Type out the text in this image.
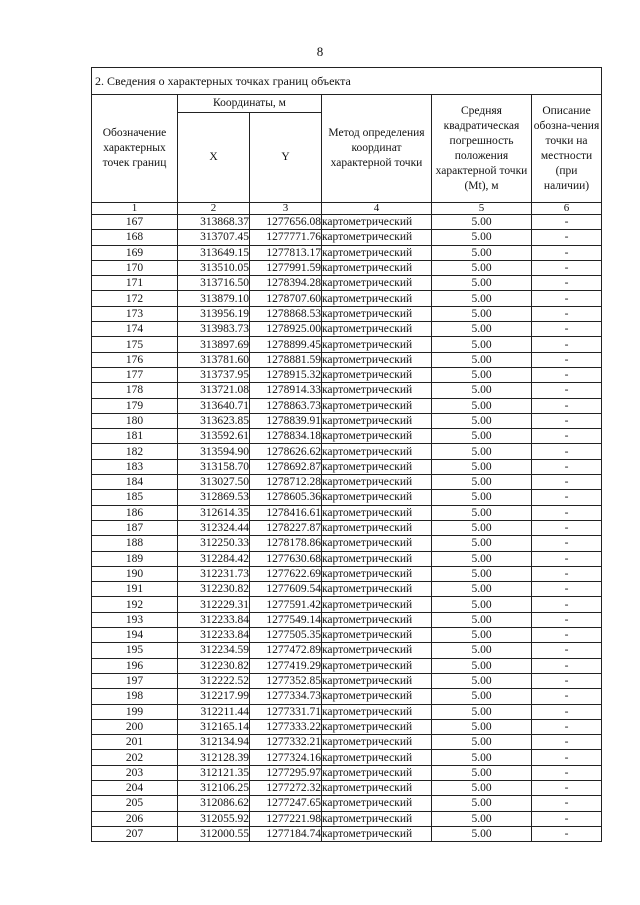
8
2. Сведения о характерных точках границ объекта					
Обозначение характерных точек границ	Координаты, м		Метод определения координат характерной точки	Средняя квадратическая погрешность положения характерной точки (Mt), м	Описание обозна-чения точки на местности (при наличии)
	X	Y			
1	2	3	4	5	6
167	313868.37	1277656.08	картометрический	5.00	-
168	313707.45	1277771.76	картометрический	5.00	-
169	313649.15	1277813.17	картометрический	5.00	-
170	313510.05	1277991.59	картометрический	5.00	-
171	313716.50	1278394.28	картометрический	5.00	-
172	313879.10	1278707.60	картометрический	5.00	-
173	313956.19	1278868.53	картометрический	5.00	-
174	313983.73	1278925.00	картометрический	5.00	-
175	313897.69	1278899.45	картометрический	5.00	-
176	313781.60	1278881.59	картометрический	5.00	-
177	313737.95	1278915.32	картометрический	5.00	-
178	313721.08	1278914.33	картометрический	5.00	-
179	313640.71	1278863.73	картометрический	5.00	-
180	313623.85	1278839.91	картометрический	5.00	-
181	313592.61	1278834.18	картометрический	5.00	-
182	313594.90	1278626.62	картометрический	5.00	-
183	313158.70	1278692.87	картометрический	5.00	-
184	313027.50	1278712.28	картометрический	5.00	-
185	312869.53	1278605.36	картометрический	5.00	-
186	312614.35	1278416.61	картометрический	5.00	-
187	312324.44	1278227.87	картометрический	5.00	-
188	312250.33	1278178.86	картометрический	5.00	-
189	312284.42	1277630.68	картометрический	5.00	-
190	312231.73	1277622.69	картометрический	5.00	-
191	312230.82	1277609.54	картометрический	5.00	-
192	312229.31	1277591.42	картометрический	5.00	-
193	312233.84	1277549.14	картометрический	5.00	-
194	312233.84	1277505.35	картометрический	5.00	-
195	312234.59	1277472.89	картометрический	5.00	-
196	312230.82	1277419.29	картометрический	5.00	-
197	312222.52	1277352.85	картометрический	5.00	-
198	312217.99	1277334.73	картометрический	5.00	-
199	312211.44	1277331.71	картометрический	5.00	-
200	312165.14	1277333.22	картометрический	5.00	-
201	312134.94	1277332.21	картометрический	5.00	-
202	312128.39	1277324.16	картометрический	5.00	-
203	312121.35	1277295.97	картометрический	5.00	-
204	312106.25	1277272.32	картометрический	5.00	-
205	312086.62	1277247.65	картометрический	5.00	-
206	312055.92	1277221.98	картометрический	5.00	-
207	312000.55	1277184.74	картометрический	5.00	-
